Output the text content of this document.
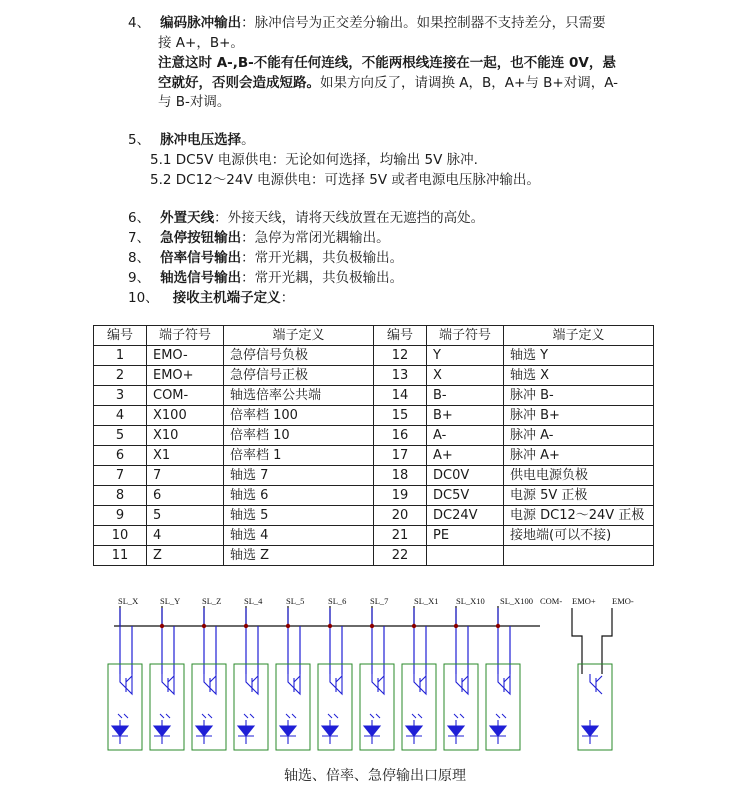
4、 编码脉冲输出：脉冲信号为正交差分输出。如果控制器不支持差分，只需要
接 A+，B+。
注意这时 A-,B-不能有任何连线，不能两根线连接在一起，也不能连 0V，悬
空就好，否则会造成短路。如果方向反了，请调换 A，B，A+与 B+对调，A-
与 B-对调。
5、 脉冲电压选择。
5.1 DC5V 电源供电：无论如何选择，均输出 5V 脉冲.
5.2 DC12～24V 电源供电：可选择 5V 或者电源电压脉冲输出。
6、 外置天线：外接天线，请将天线放置在无遮挡的高处。
7、 急停按钮输出：急停为常闭光耦输出。
8、 倍率信号输出：常开光耦，共负极输出。
9、 轴选信号输出：常开光耦，共负极输出。
10、 接收主机端子定义：
编号	端子符号	端子定义	编号	端子符号	端子定义
1	EMO-	急停信号负极	12	Y	轴选 Y
2	EMO+	急停信号正极	13	X	轴选 X
3	COM-	轴选倍率公共端	14	B-	脉冲 B-
4	X100	倍率档 100	15	B+	脉冲 B+
5	X10	倍率档 10	16	A-	脉冲 A-
6	X1	倍率档 1	17	A+	脉冲 A+
7	7	轴选 7	18	DC0V	供电电源负极
8	6	轴选 6	19	DC5V	电源 5V 正极
9	5	轴选 5	20	DC24V	电源 DC12～24V 正极
10	4	轴选 4	21	PE	接地端(可以不接)
11	Z	轴选 Z	22		
SL_X	SL_Y	SL_Z	SL_4	SL_5	SL_6	SL_7	SL_X1 SL_X10 SL_X100 COM- EMO+ EMO-
轴选、倍率、急停输出口原理
